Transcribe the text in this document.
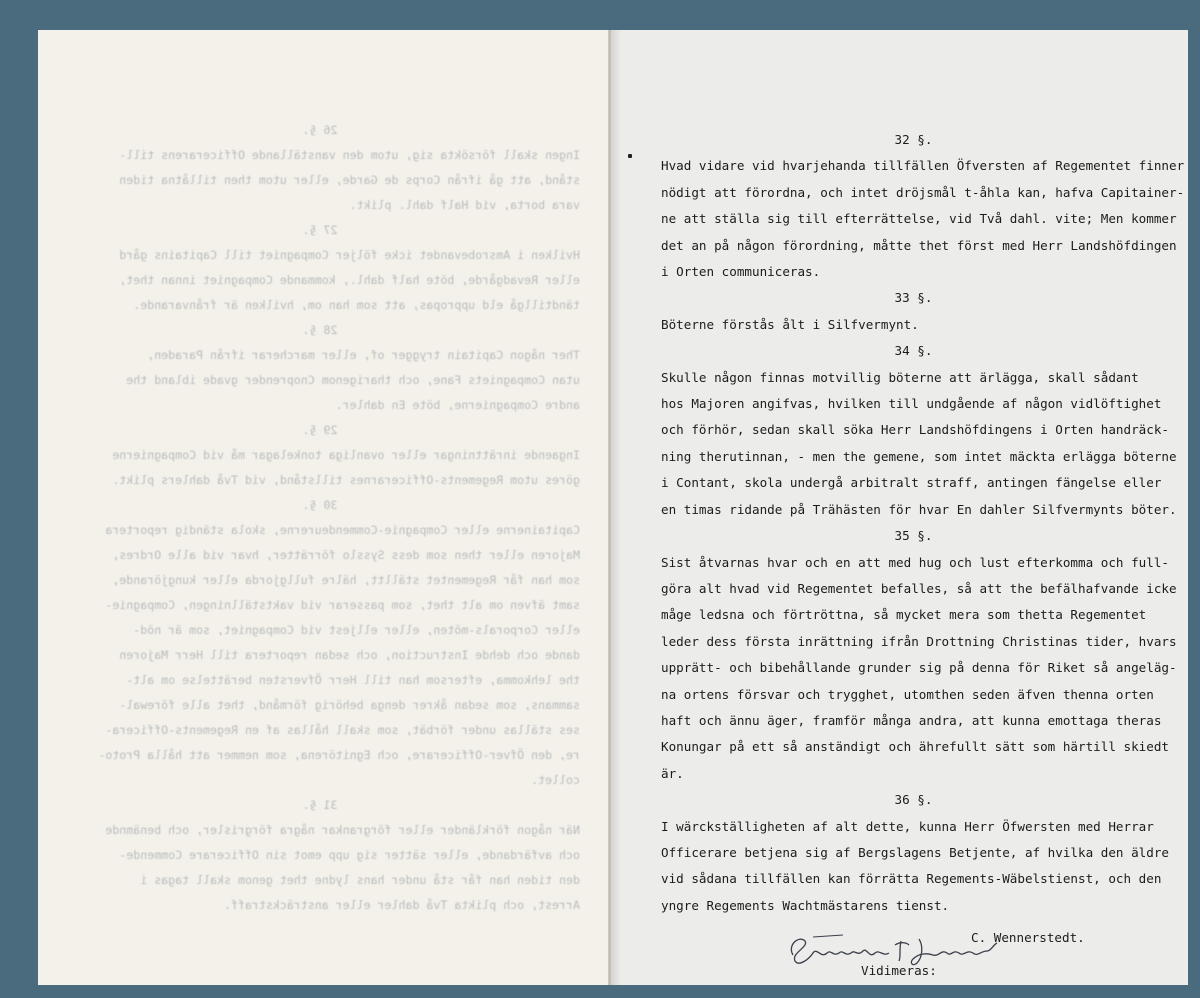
26 §.
Ingen skall försökta sig, utom den vanställande Officerarens till-
stånd, att gå ifrån Corps de Garde, eller utom then tillåtna tiden
vara borta, vid Half dahl. plikt.
27 §.
Hvilken i Amsrobevandet icke följer Compagniet till Capitains gård
eller Revadgårde, böte half dahl., kommande Compagniet innan thet,
tändtillgå eld uppropas, att som han om, hvilken är frånvarande.
28 §.
Ther någon Capitain trygger of, eller marcherar ifrån Paraden,
utan Compagniets Fane, och tharigenom Cnoprender gvade ibland the
andre Compagnierne, böte En dahler.
29 §.
Ingaende inrättningar eller ovanliga tonkelagar må vid Compagnierne
göres utom Regements-Officerarnes tillstånd, vid Två dahlers plikt.
30 §.
Capitainerne eller Compagnie-Commendeurerne, skola ständig reportera
Majoren eller then som dess Sysslo förrätter, hvar vid alle Ordres,
som han får Regementet ställtt, hälre fullgjorda eller kungjörande,
samt äfven om alt thet, som passerar vid vaktställningen, Compagnie-
eller Corporals-möten, eller elljest vid Compagniet, som är nöd-
dande och dehde Instruction, och sedan reportera till Herr Majoren
the lehkomma, eftersom han till Herr Öfversten berättelse om alt-
sammans, som sedan åkrer denga behörig förmånd, thet alle förewal-
ses ställas under förbät, som skall hållas af en Regements-Officera-
re, den Öfver-Officerare, och Egnitörena, som nemmer att hålla Proto-
collet.
31 §.
När någon förkländer eller förgrankar några förgrisler, och benämnde
och avfärdande, eller sätter sig upp emot sin Officerare Commende-
den tiden han får stå under hans lydne thet genom skall tagas i
Arrest, och plikta Två dahler eller ansträckstraff.
32 §.
Hvad vidare vid hvarjehanda tillfällen Öfversten af Regementet finner
nödigt att förordna, och intet dröjsmål t-åhla kan, hafva Capitainer-
ne att ställa sig till efterrättelse, vid Två dahl. vite; Men kommer
det an på någon förordning, måtte thet först med Herr Landshöfdingen
i Orten communiceras.
33 §.
Böterne förstås ålt i Silfvermynt.
34 §.
Skulle någon finnas motvillig böterne att ärlägga, skall sådant
hos Majoren angifvas, hvilken till undgående af någon vidlöftighet
och förhör, sedan skall söka Herr Landshöfdingens i Orten handräck-
ning therutinnan, - men the gemene, som intet mäckta erlägga böterne
i Contant, skola undergå arbitralt straff, antingen fängelse eller
en timas ridande på Trähästen för hvar En dahler Silfvermynts böter.
35 §.
Sist åtvarnas hvar och en att med hug och lust efterkomma och full-
göra alt hvad vid Regementet befalles, så att the befälhafvande icke
måge ledsna och förtröttna, så mycket mera som thetta Regementet
leder dess första inrättning ifrån Drottning Christinas tider, hvars
upprätt- och bibehållande grunder sig på denna för Riket så angeläg-
na ortens försvar och trygghet, utomthen seden äfven thenna orten
haft och ännu äger, framför många andra, att kunna emottaga theras
Konungar på ett så anständigt och ährefullt sätt som härtill skiedt
är.
36 §.
I wärckställigheten af alt dette, kunna Herr Öfwersten med Herrar
Officerare betjena sig af Bergslagens Betjente, af hvilka den äldre
vid sådana tillfällen kan förrätta Regements-Wäbelstienst, och den
yngre Regements Wachtmästarens tienst.
C. Wennerstedt.
Vidimeras:
